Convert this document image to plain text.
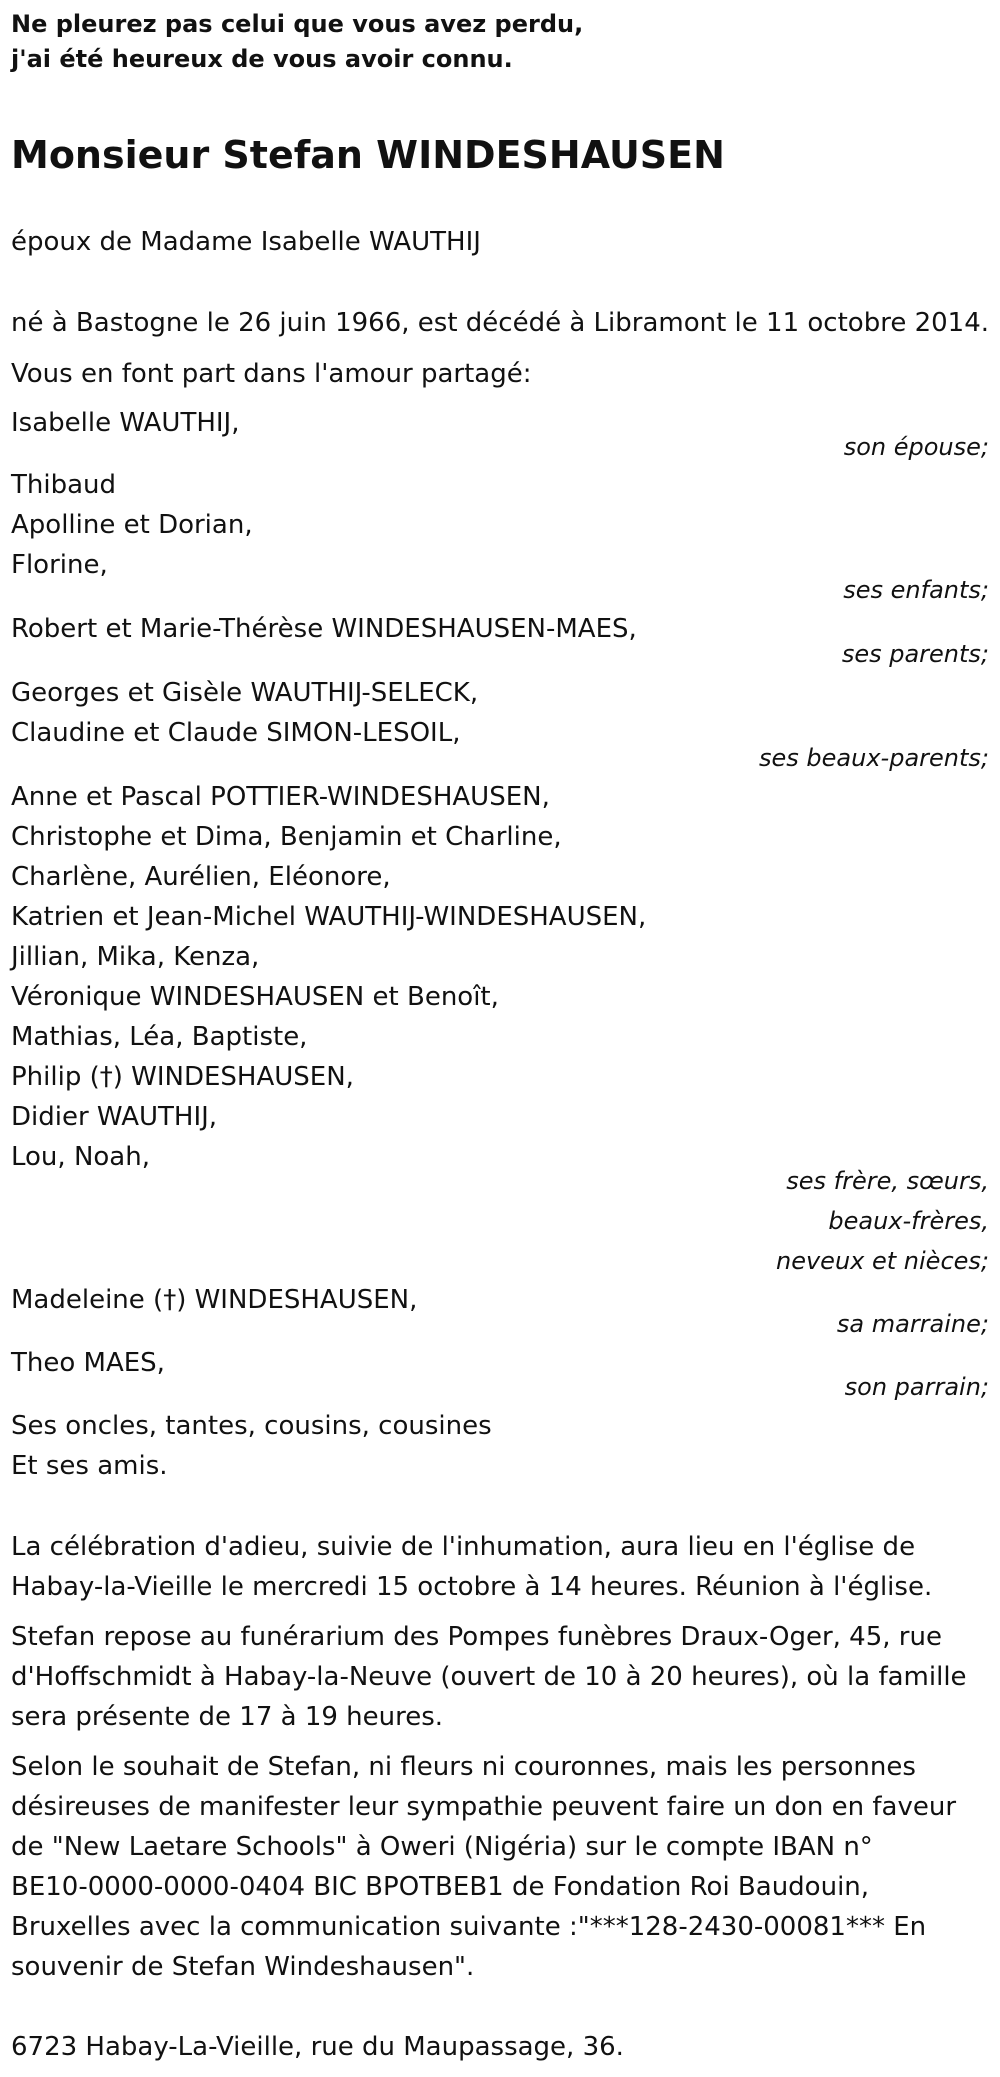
Ne pleurez pas celui que vous avez perdu,
j'ai été heureux de vous avoir connu.
Monsieur Stefan WINDESHAUSEN
époux de Madame Isabelle WAUTHIJ
né à Bastogne le 26 juin 1966, est décédé à Libramont le 11 octobre 2014.
Vous en font part dans l'amour partagé:
Isabelle WAUTHIJ,
son épouse;
Thibaud
Apolline et Dorian,
Florine,
ses enfants;
Robert et Marie-Thérèse WINDESHAUSEN-MAES,
ses parents;
Georges et Gisèle WAUTHIJ-SELECK,
Claudine et Claude SIMON-LESOIL,
ses beaux-parents;
Anne et Pascal POTTIER-WINDESHAUSEN,
Christophe et Dima, Benjamin et Charline,
Charlène, Aurélien, Eléonore,
Katrien et Jean-Michel WAUTHIJ-WINDESHAUSEN,
Jillian, Mika, Kenza,
Véronique WINDESHAUSEN et Benoît,
Mathias, Léa, Baptiste,
Philip (†) WINDESHAUSEN,
Didier WAUTHIJ,
Lou, Noah,
ses frère, sœurs,
beaux-frères,
neveux et nièces;
Madeleine (†) WINDESHAUSEN,
sa marraine;
Theo MAES,
son parrain;
Ses oncles, tantes, cousins, cousines
Et ses amis.
La célébration d'adieu, suivie de l'inhumation, aura lieu en l'église de
Habay-la-Vieille le mercredi 15 octobre à 14 heures. Réunion à l'église.
Stefan repose au funérarium des Pompes funèbres Draux-Oger, 45, rue
d'Hoffschmidt à Habay-la-Neuve (ouvert de 10 à 20 heures), où la famille
sera présente de 17 à 19 heures.
Selon le souhait de Stefan, ni fleurs ni couronnes, mais les personnes
désireuses de manifester leur sympathie peuvent faire un don en faveur
de "New Laetare Schools" à Oweri (Nigéria) sur le compte IBAN n°
BE10-0000-0000-0404 BIC BPOTBEB1 de Fondation Roi Baudouin,
Bruxelles avec la communication suivante :"***128-2430-00081*** En
souvenir de Stefan Windeshausen".
6723 Habay-La-Vieille, rue du Maupassage, 36.
